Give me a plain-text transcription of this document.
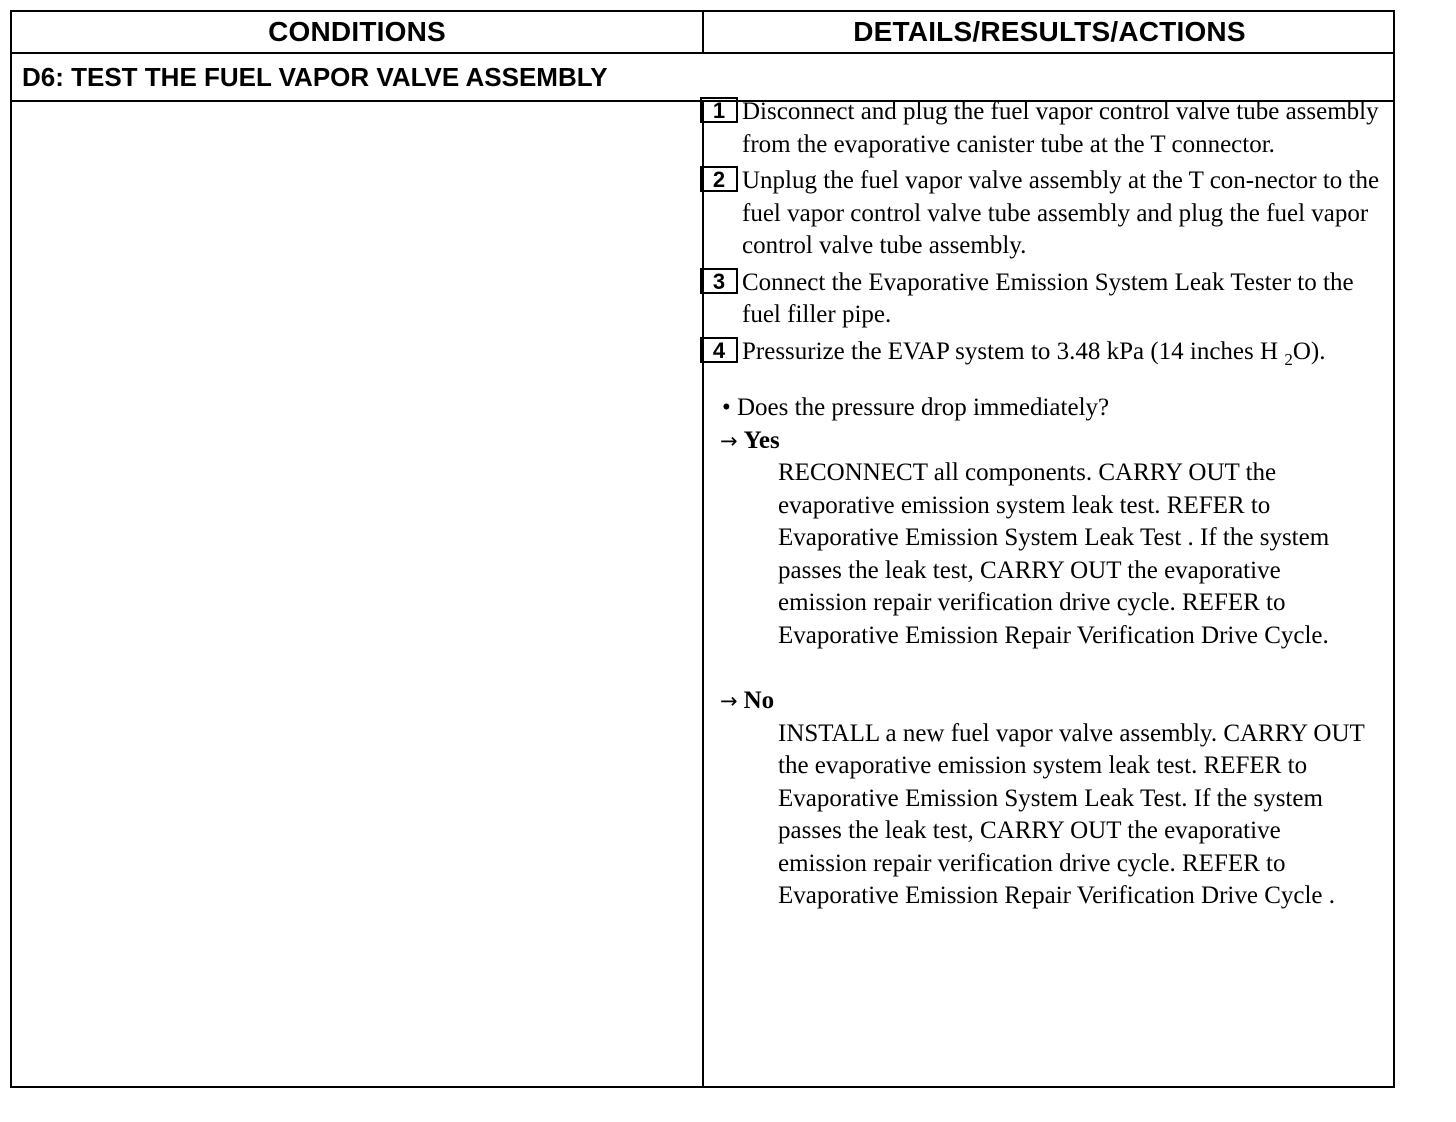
CONDITIONS	DETAILS/RESULTS/ACTIONS
D6: TEST THE FUEL VAPOR VALVE ASSEMBLY
1 Disconnect and plug the fuel vapor control valve tube assembly from the evaporative canister tube at the T connector.
2 Unplug the fuel vapor valve assembly at the T con-nector to the fuel vapor control valve tube assembly and plug the fuel vapor control valve tube assembly.
3 Connect the Evaporative Emission System Leak Tester to the fuel filler pipe.
4 Pressurize the EVAP system to 3.48 kPa (14 inches H $_2$O).
• Does the pressure drop immediately?
→ Yes
RECONNECT all components. CARRY OUT the evaporative emission system leak test. REFER to Evaporative Emission System Leak Test . If the system passes the leak test, CARRY OUT the evaporative emission repair verification drive cycle. REFER to Evaporative Emission Repair Verification Drive Cycle.
→ No
INSTALL a new fuel vapor valve assembly. CARRY OUT the evaporative emission system leak test. REFER to Evaporative Emission System Leak Test. If the system passes the leak test, CARRY OUT the evaporative emission repair verification drive cycle. REFER to Evaporative Emission Repair Verification Drive Cycle .
